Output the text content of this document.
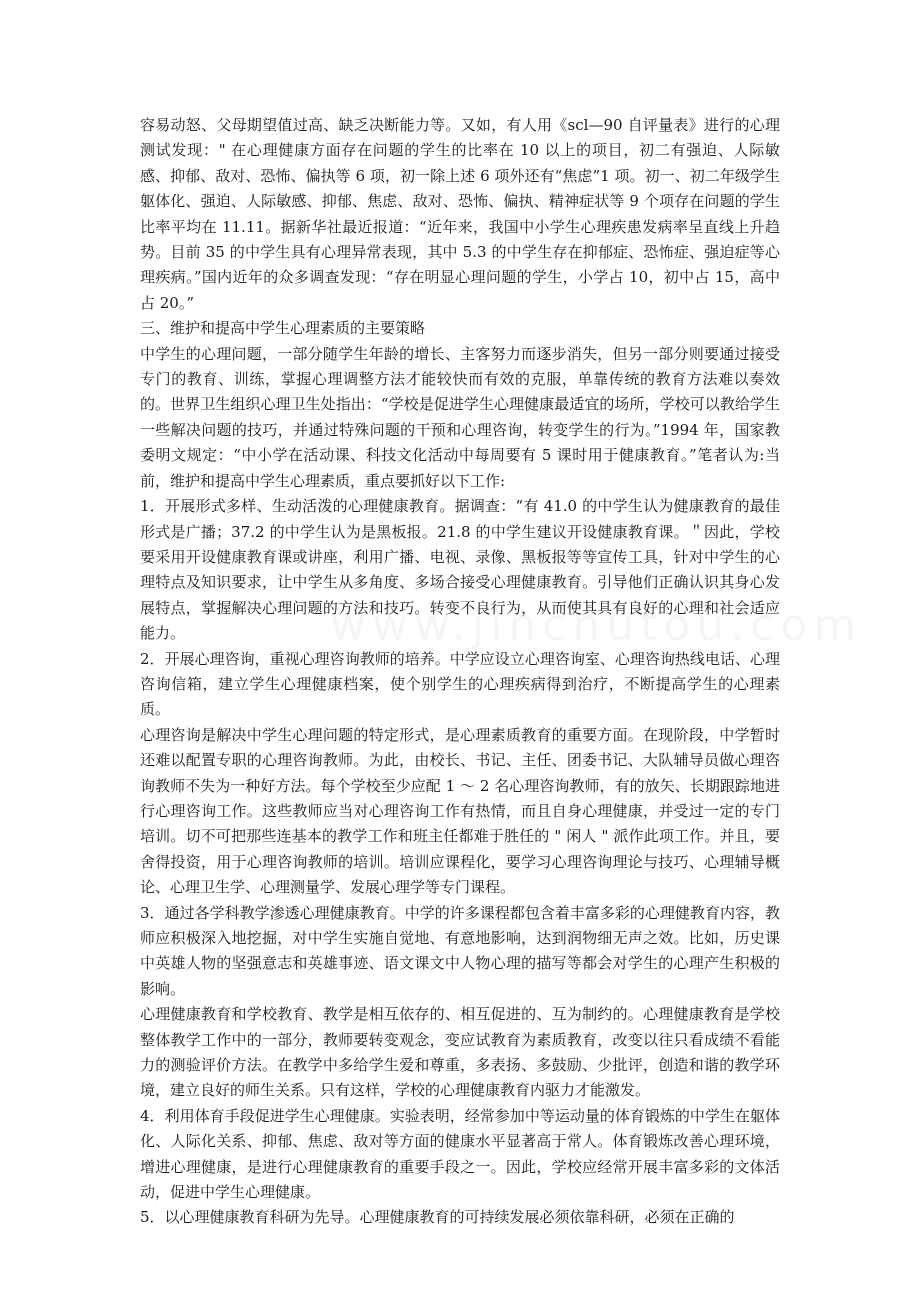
容易动怒、父母期望值过高、缺乏决断能力等。又如，有人用《scl—90 自评量表》进行的心理测试发现：" 在心理健康方面存在问题的学生的比率在 10 以上的项目，初二有强迫、人际敏感、抑郁、敌对、恐怖、偏执等 6 项，初一除上述 6 项外还有“焦虑”1 项。初一、初二年级学生躯体化、强迫、人际敏感、抑郁、焦虑、敌对、恐怖、偏执、精神症状等 9 个项存在问题的学生比率平均在 11.11。据新华社最近报道：“近年来，我国中小学生心理疾患发病率呈直线上升趋势。目前 35 的中学生具有心理异常表现，其中 5.3 的中学生存在抑郁症、恐怖症、强迫症等心理疾病。”国内近年的众多调查发现：“存在明显心理问题的学生，小学占 10，初中占 15，高中占 20。”

三、维护和提高中学生心理素质的主要策略

中学生的心理问题，一部分随学生年龄的增长、主客努力而逐步消失，但另一部分则要通过接受专门的教育、训练，掌握心理调整方法才能较快而有效的克服，单靠传统的教育方法难以奏效的。世界卫生组织心理卫生处指出：“学校是促进学生心理健康最适宜的场所，学校可以教给学生一些解决问题的技巧，并通过特殊问题的干预和心理咨询，转变学生的行为。”1994 年，国家教委明文规定：“中小学在活动课、科技文化活动中每周要有 5 课时用于健康教育。”笔者认为:当前，维护和提高中学生心理素质，重点要抓好以下工作:

1．开展形式多样、生动活泼的心理健康教育。据调查：“有 41.0 的中学生认为健康教育的最佳形式是广播；37.2 的中学生认为是黑板报。21.8 的中学生建议开设健康教育课。＂因此，学校要采用开设健康教育课或讲座，利用广播、电视、录像、黑板报等等宣传工具，针对中学生的心理特点及知识要求，让中学生从多角度、多场合接受心理健康教育。引导他们正确认识其身心发展特点，掌握解决心理问题的方法和技巧。转变不良行为，从而使其具有良好的心理和社会适应能力。

2．开展心理咨询，重视心理咨询教师的培养。中学应设立心理咨询室、心理咨询热线电话、心理咨询信箱，建立学生心理健康档案，使个别学生的心理疾病得到治疗，不断提高学生的心理素质。

心理咨询是解决中学生心理问题的特定形式，是心理素质教育的重要方面。在现阶段，中学暂时还难以配置专职的心理咨询教师。为此，由校长、书记、主任、团委书记、大队辅导员做心理咨询教师不失为一种好方法。每个学校至少应配 1 ～ 2 名心理咨询教师，有的放矢、长期跟踪地进行心理咨询工作。这些教师应当对心理咨询工作有热情，而且自身心理健康，并受过一定的专门培训。切不可把那些连基本的教学工作和班主任都难于胜任的 " 闲人 " 派作此项工作。并且，要舍得投资，用于心理咨询教师的培训。培训应课程化，要学习心理咨询理论与技巧、心理辅导概论、心理卫生学、心理测量学、发展心理学等专门课程。

3．通过各学科教学渗透心理健康教育。中学的许多课程都包含着丰富多彩的心理健教育内容，教师应积极深入地挖掘，对中学生实施自觉地、有意地影响，达到润物细无声之效。比如，历史课中英雄人物的坚强意志和英雄事迹、语文课文中人物心理的描写等都会对学生的心理产生积极的影响。

心理健康教育和学校教育、教学是相互依存的、相互促进的、互为制约的。心理健康教育是学校整体教学工作中的一部分，教师要转变观念，变应试教育为素质教育，改变以往只看成绩不看能力的测验评价方法。在教学中多给学生爱和尊重，多表扬、多鼓励、少批评，创造和谐的教学环境，建立良好的师生关系。只有这样，学校的心理健康教育内驱力才能激发。

4．利用体育手段促进学生心理健康。实验表明，经常参加中等运动量的体育锻炼的中学生在躯体化、人际化关系、抑郁、焦虑、敌对等方面的健康水平显著高于常人。体育锻炼改善心理环境，增进心理健康，是进行心理健康教育的重要手段之一。因此，学校应经常开展丰富多彩的文体活动，促进中学生心理健康。

5．以心理健康教育科研为先导。心理健康教育的可持续发展必须依靠科研，必须在正确的
